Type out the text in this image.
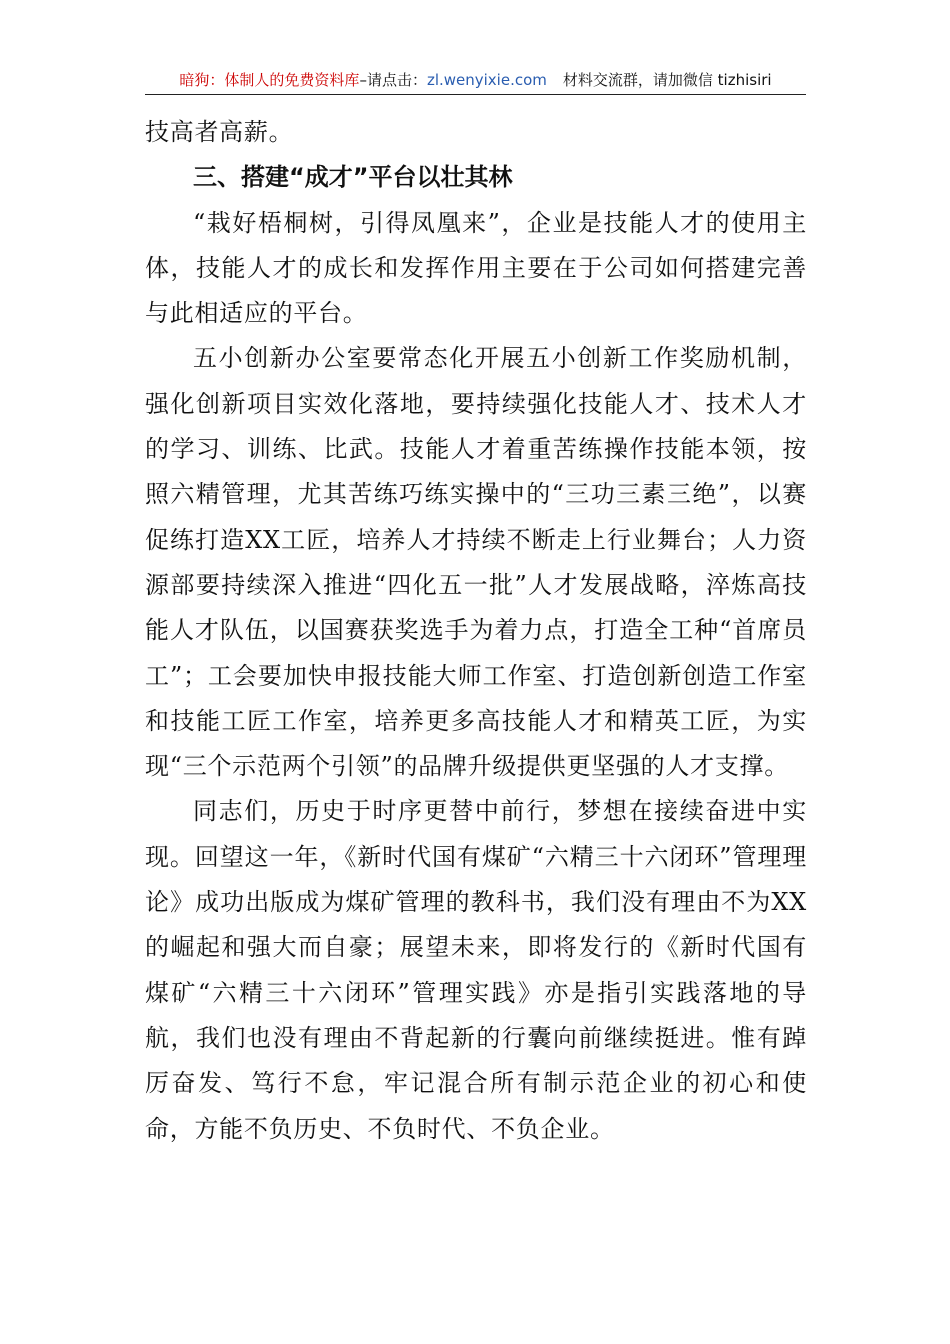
暗狗：体制人的免费资料库 –请点击： zl.wenyixie.com 材料交流群，请加微信 tizhisiri

技高者高薪。

三、搭建“成才”平台以壮其林

“栽好梧桐树，引得凤凰来”，企业是技能人才的使用主体，技能人才的成长和发挥作用主要在于公司如何搭建完善与此相适应的平台。

五小创新办公室要常态化开展五小创新工作奖励机制，强化创新项目实效化落地，要持续强化技能人才、技术人才的学习、训练、比武。技能人才着重苦练操作技能本领，按照六精管理，尤其苦练巧练实操中的“三功三素三绝”，以赛促练打造XX工匠，培养人才持续不断走上行业舞台；人力资源部要持续深入推进“四化五一批”人才发展战略，淬炼高技能人才队伍，以国赛获奖选手为着力点，打造全工种“首席员工”；工会要加快申报技能大师工作室、打造创新创造工作室和技能工匠工作室，培养更多高技能人才和精英工匠，为实现“三个示范两个引领”的品牌升级提供更坚强的人才支撑。

同志们，历史于时序更替中前行，梦想在接续奋进中实现。回望这一年，《新时代国有煤矿“六精三十六闭环”管理理论》成功出版成为煤矿管理的教科书，我们没有理由不为XX的崛起和强大而自豪；展望未来，即将发行的《新时代国有煤矿“六精三十六闭环”管理实践》亦是指引实践落地的导航，我们也没有理由不背起新的行囊向前继续挺进。惟有踔厉奋发、笃行不怠，牢记混合所有制示范企业的初心和使命，方能不负历史、不负时代、不负企业。
